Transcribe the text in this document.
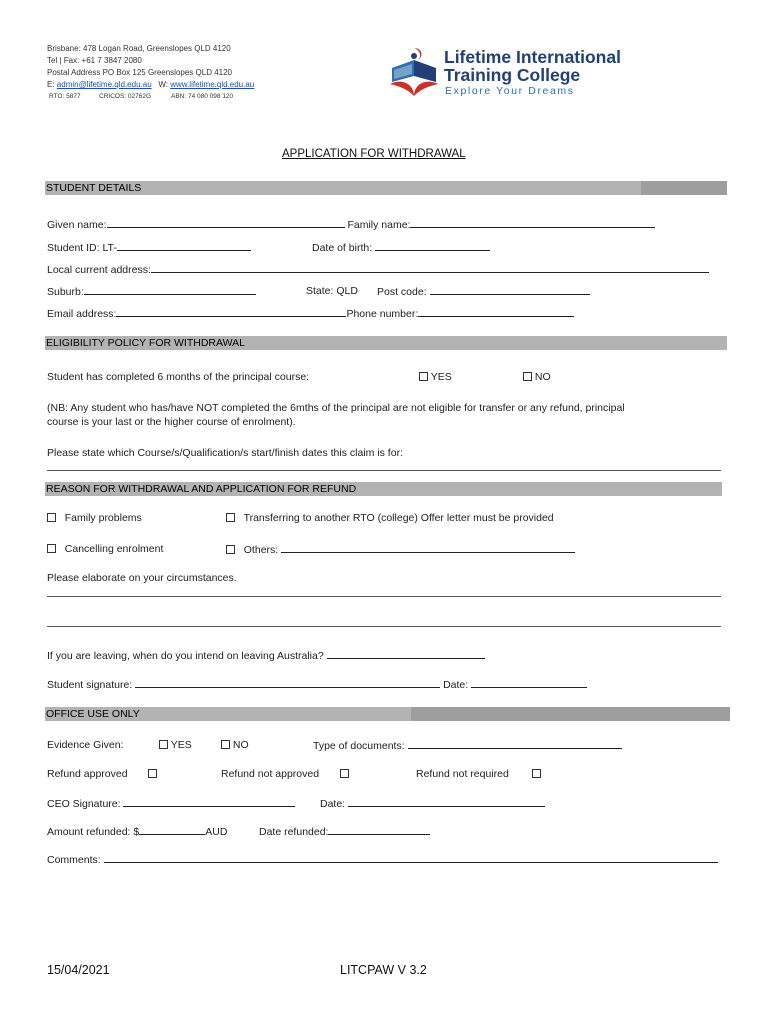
Brisbane: 478 Logan Road, Greenslopes QLD 4120
Tel | Fax: +61 7 3847 2080
Postal Address PO Box 125 Greenslopes QLD 4120
E: admin@lifetime.qld.edu.au W: www.lifetime.qld.edu.au
RTO: 5877	CRICOS: 02762G	ABN: 74 080 098 120
Lifetime International
Training College
Explore Your Dreams
APPLICATION FOR WITHDRAWAL
STUDENT DETAILS
Given name:	Family name:
Student ID: LT-	Date of birth:
Local current address:
Suburb:	State: QLD Post code:
Email address:	Phone number:
ELIGIBILITY POLICY FOR WITHDRAWAL
Student has completed 6 months of the principal course:	YES	NO
(NB: Any student who has/have NOT completed the 6mths of the principal are not eligible for transfer or any refund, principal
course is your last or the higher course of enrolment).
Please state which Course/s/Qualification/s start/finish dates this claim is for:
REASON FOR WITHDRAWAL AND APPLICATION FOR REFUND
Family problems	Transferring to another RTO (college) Offer letter must be provided
Cancelling enrolment	Others:
Please elaborate on your circumstances.
If you are leaving, when do you intend on leaving Australia?
Student signature:	Date:
OFFICE USE ONLY
Evidence Given:	YES	NO	Type of documents:
Refund approved	Refund not approved	Refund not required
CEO Signature:	Date:
Amount refunded: $	AUD	Date refunded:
Comments:
15/04/2021	LITCPAW V 3.2
